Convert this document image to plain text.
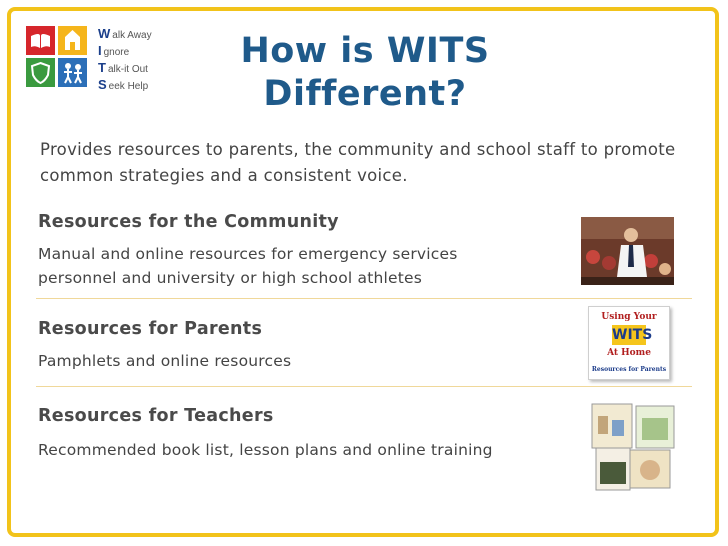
W alk Away
I gnore
T alk-it Out
S eek Help
How is WITS
Different?
Provides resources to parents, the community and school staff to promote common strategies and a consistent voice.
Resources for the Community
Manual and online resources for emergency services personnel and university or high school athletes
Resources for Parents
Pamphlets and online resources
Using Your
WITS
At Home
Resources for Parents
Resources for Teachers
Recommended book list, lesson plans and online training
